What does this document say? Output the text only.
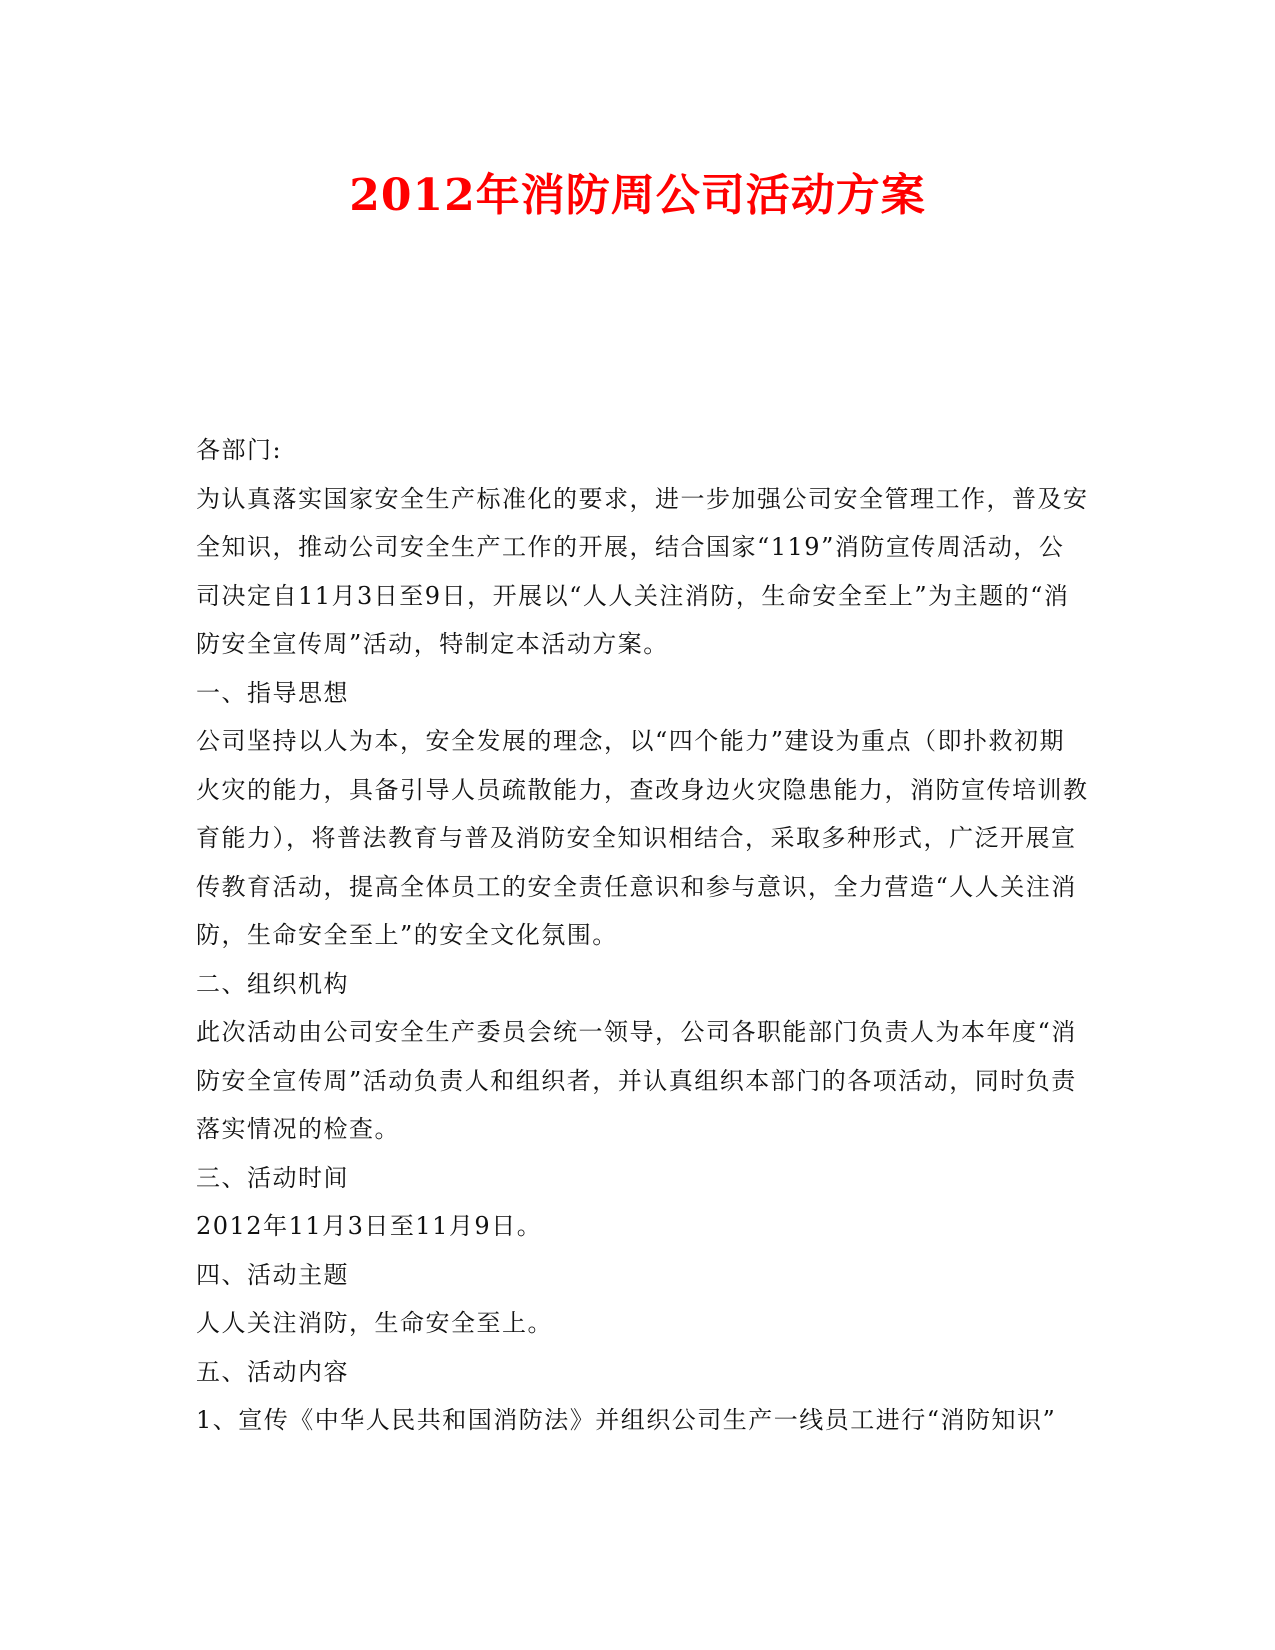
2012年消防周公司活动方案
各部门:
为认真落实国家安全生产标准化的要求，进一步加强公司安全管理工作，普及安
全知识，推动公司安全生产工作的开展，结合国家“119”消防宣传周活动，公
司决定自11月3日至9日，开展以“人人关注消防，生命安全至上”为主题的“消
防安全宣传周”活动，特制定本活动方案。
一、指导思想
公司坚持以人为本，安全发展的理念，以“四个能力”建设为重点（即扑救初期
火灾的能力，具备引导人员疏散能力，查改身边火灾隐患能力，消防宣传培训教
育能力），将普法教育与普及消防安全知识相结合，采取多种形式，广泛开展宣
传教育活动，提高全体员工的安全责任意识和参与意识，全力营造“人人关注消
防，生命安全至上”的安全文化氛围。
二、组织机构
此次活动由公司安全生产委员会统一领导，公司各职能部门负责人为本年度“消
防安全宣传周”活动负责人和组织者，并认真组织本部门的各项活动，同时负责
落实情况的检查。
三、活动时间
2012年11月3日至11月9日。
四、活动主题
人人关注消防，生命安全至上。
五、活动内容
1、宣传《中华人民共和国消防法》并组织公司生产一线员工进行“消防知识”
